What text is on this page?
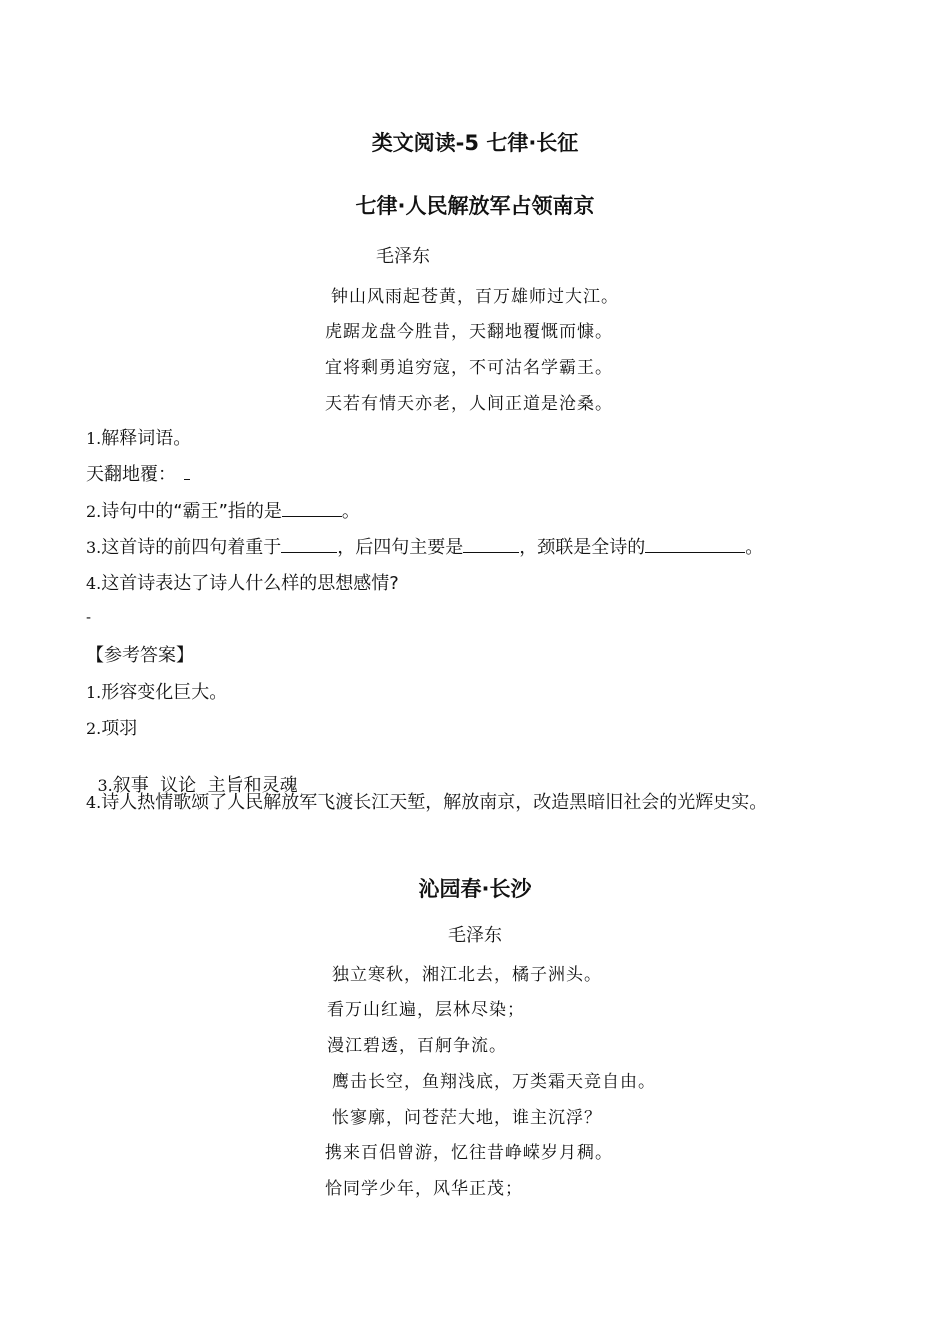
类文阅读-5 七律·长征
七律·人民解放军占领南京
毛泽东
钟山风雨起苍黄，百万雄师过大江。
虎踞龙盘今胜昔，天翻地覆慨而慷。
宜将剩勇追穷寇，不可沽名学霸王。
天若有情天亦老，人间正道是沧桑。
1.解释词语。
天翻地覆：
2.诗句中的“霸王”指的是	。
3.这首诗的前四句着重于	，后四句主要是	，颈联是全诗的	。
4.这首诗表达了诗人什么样的思想感情?
-
【参考答案】
1.形容变化巨大。
2.项羽

3.叙事  议论  主旨和灵魂

4.诗人热情歌颂了人民解放军飞渡长江天堑，解放南京，改造黑暗旧社会的光辉史实。
沁园春·长沙
毛泽东
独立寒秋，湘江北去，橘子洲头。
看万山红遍，层林尽染；
漫江碧透，百舸争流。
鹰击长空，鱼翔浅底，万类霜天竞自由。
怅寥廓，问苍茫大地，谁主沉浮？
携来百侣曾游，忆往昔峥嵘岁月稠。
恰同学少年，风华正茂；
